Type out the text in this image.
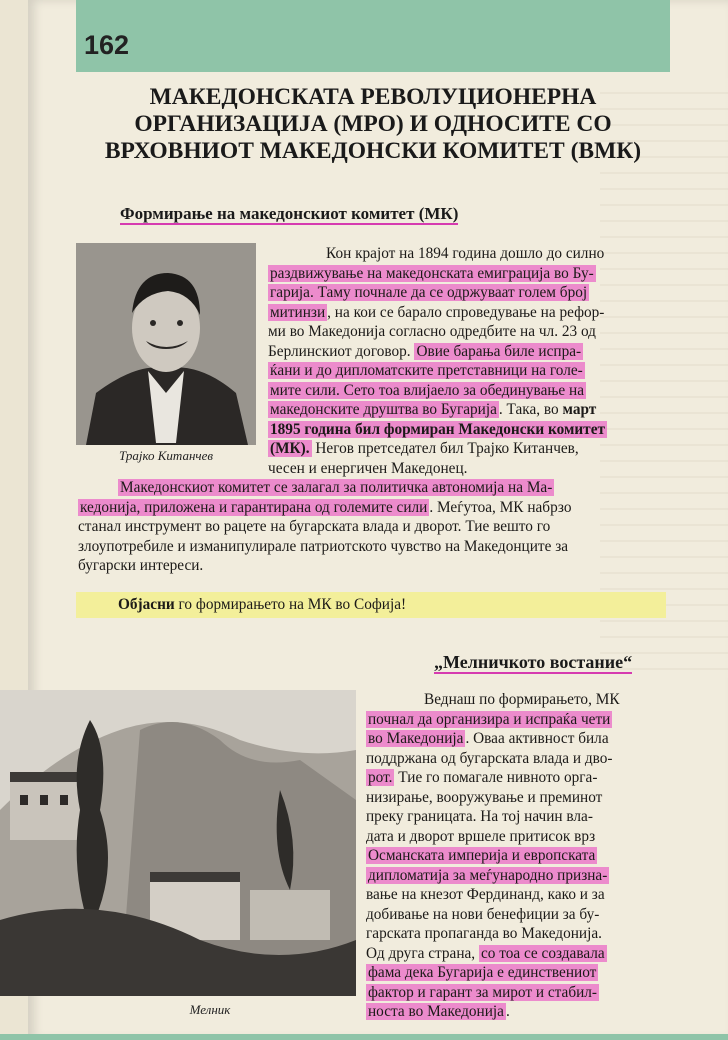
162
МАКЕДОНСКАТА РЕВОЛУЦИОНЕРНА
ОРГАНИЗАЦИЈА (МРО) И ОДНОСИТЕ СО
ВРХОВНИОТ МАКЕДОНСКИ КОМИТЕТ (ВМК)
Формирање на македонскиот комитет (МК)
Трајко Китанчев
Кон крајот на 1894 година дошло до силно
раздвижување на македонската емиграција во Бу-
гарија. Таму почнале да се одржуваат голем број
митинзи , на кои се барало спроведување на рефор-
ми во Македонија согласно одредбите на чл. 23 од
Берлинскиот договор. Овие барања биле испра-
ќани и до дипломатските претставници на голе-
мите сили. Сето тоа влијаело за обединување на
македонските друштва во Бугарија . Така, во март
1895 година бил формиран Македонски комитет
(МК). Негов претседател бил Трајко Китанчев,
чесен и енергичен Македонец.
Македонскиот комитет се залагал за политичка автономија на Ма-
кедонија, приложена и гарантирана од големите сили . Меѓутоа, МК набрзо
станал инструмент во рацете на бугарската влада и дворот. Тие вешто го
злоупотребиле и изманипулирале патриотското чувство на Македонците за
бугарски интереси.
Објасни го формирањето на МК во Софија!
„Мелничкото востание“
Мелник
Веднаш по формирањето, МК
почнал да организира и испраќа чети
во Македонија . Оваа активност била
поддржана од бугарската влада и дво-
рот. Тие го помагале нивното орга-
низирање, вооружување и преминот
преку границата. На тој начин вла-
дата и дворот вршеле притисок врз
Османската империја и европската
дипломатија за меѓународно призна-
вање на кнезот Фердинанд, како и за
добивање на нови бенефиции за бу-
гарската пропаганда во Македонија.
Од друга страна, со тоа се создавала
фама дека Бугарија е единствениот
фактор и гарант за мирот и стабил-
носта во Македонија .
